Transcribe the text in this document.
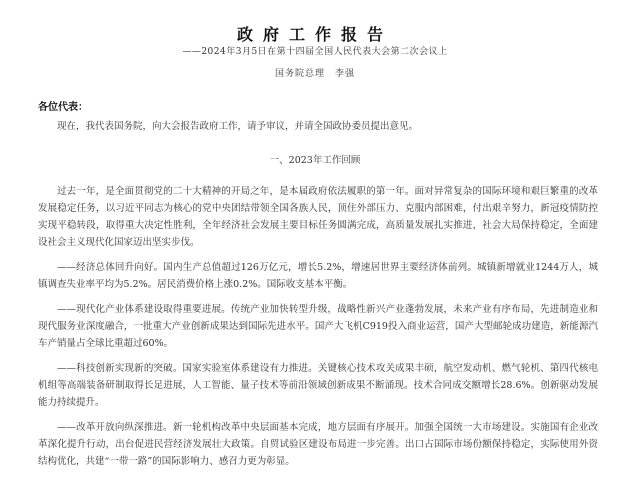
政府工作报告
——2024年3月5日在第十四届全国人民代表大会第二次会议上
国务院总理　李强
各位代表：
现在，我代表国务院，向大会报告政府工作，请予审议，并请全国政协委员提出意见。
一、2023年工作回顾

过去一年，是全面贯彻党的二十大精神的开局之年，是本届政府依法履职的第一年。面对异常复杂的国际环境和艰巨繁重的改革发展稳定任务，以习近平同志为核心的党中央团结带领全国各族人民，顶住外部压力、克服内部困难，付出艰辛努力，新冠疫情防控实现平稳转段，取得重大决定性胜利，全年经济社会发展主要目标任务圆满完成，高质量发展扎实推进，社会大局保持稳定，全面建设社会主义现代化国家迈出坚实步伐。

——经济总体回升向好。国内生产总值超过126万亿元，增长5.2%，增速居世界主要经济体前列。城镇新增就业1244万人，城镇调查失业率平均为5.2%。居民消费价格上涨0.2%。国际收支基本平衡。

——现代化产业体系建设取得重要进展。传统产业加快转型升级，战略性新兴产业蓬勃发展，未来产业有序布局，先进制造业和现代服务业深度融合，一批重大产业创新成果达到国际先进水平。国产大飞机C919投入商业运营，国产大型邮轮成功建造，新能源汽车产销量占全球比重超过60%。

——科技创新实现新的突破。国家实验室体系建设有力推进。关键核心技术攻关成果丰硕，航空发动机、燃气轮机、第四代核电机组等高端装备研制取得长足进展，人工智能、量子技术等前沿领域创新成果不断涌现。技术合同成交额增长28.6%。创新驱动发展能力持续提升。

——改革开放向纵深推进。新一轮机构改革中央层面基本完成，地方层面有序展开。加强全国统一大市场建设。实施国有企业改革深化提升行动，出台促进民营经济发展壮大政策。自贸试验区建设布局进一步完善。出口占国际市场份额保持稳定，实际使用外资结构优化，共建“一带一路”的国际影响力、感召力更为彰显。
